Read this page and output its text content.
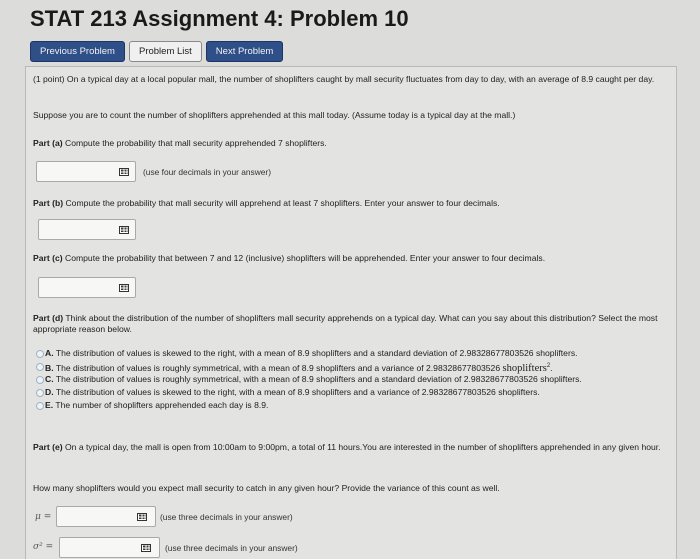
STAT 213 Assignment 4: Problem 10
Previous Problem	Problem List	Next Problem
(1 point) On a typical day at a local popular mall, the number of shoplifters caught by mall security fluctuates from day to day, with an average of 8.9 caught per day.
Suppose you are to count the number of shoplifters apprehended at this mall today. (Assume today is a typical day at the mall.)
Part (a) Compute the probability that mall security apprehended 7 shoplifters.
(use four decimals in your answer)
Part (b) Compute the probability that mall security will apprehend at least 7 shoplifters. Enter your answer to four decimals.
Part (c) Compute the probability that between 7 and 12 (inclusive) shoplifters will be apprehended. Enter your answer to four decimals.
Part (d) Think about the distribution of the number of shoplifters mall security apprehends on a typical day. What can you say about this distribution? Select the most appropriate reason below.
A. The distribution of values is skewed to the right, with a mean of 8.9 shoplifters and a standard deviation of 2.98328677803526 shoplifters.
B. The distribution of values is roughly symmetrical, with a mean of 8.9 shoplifters and a variance of 2.98328677803526 shoplifters$^2$.
C. The distribution of values is roughly symmetrical, with a mean of 8.9 shoplifters and a standard deviation of 2.98328677803526 shoplifters.
D. The distribution of values is skewed to the right, with a mean of 8.9 shoplifters and a variance of 2.98328677803526 shoplifters.
E. The number of shoplifters apprehended each day is 8.9.
Part (e) On a typical day, the mall is open from 10:00am to 9:00pm, a total of 11 hours.You are interested in the number of shoplifters apprehended in any given hour.
How many shoplifters would you expect mall security to catch in any given hour? Provide the variance of this count as well.
μ =	(use three decimals in your answer)
σ² =	(use three decimals in your answer)
